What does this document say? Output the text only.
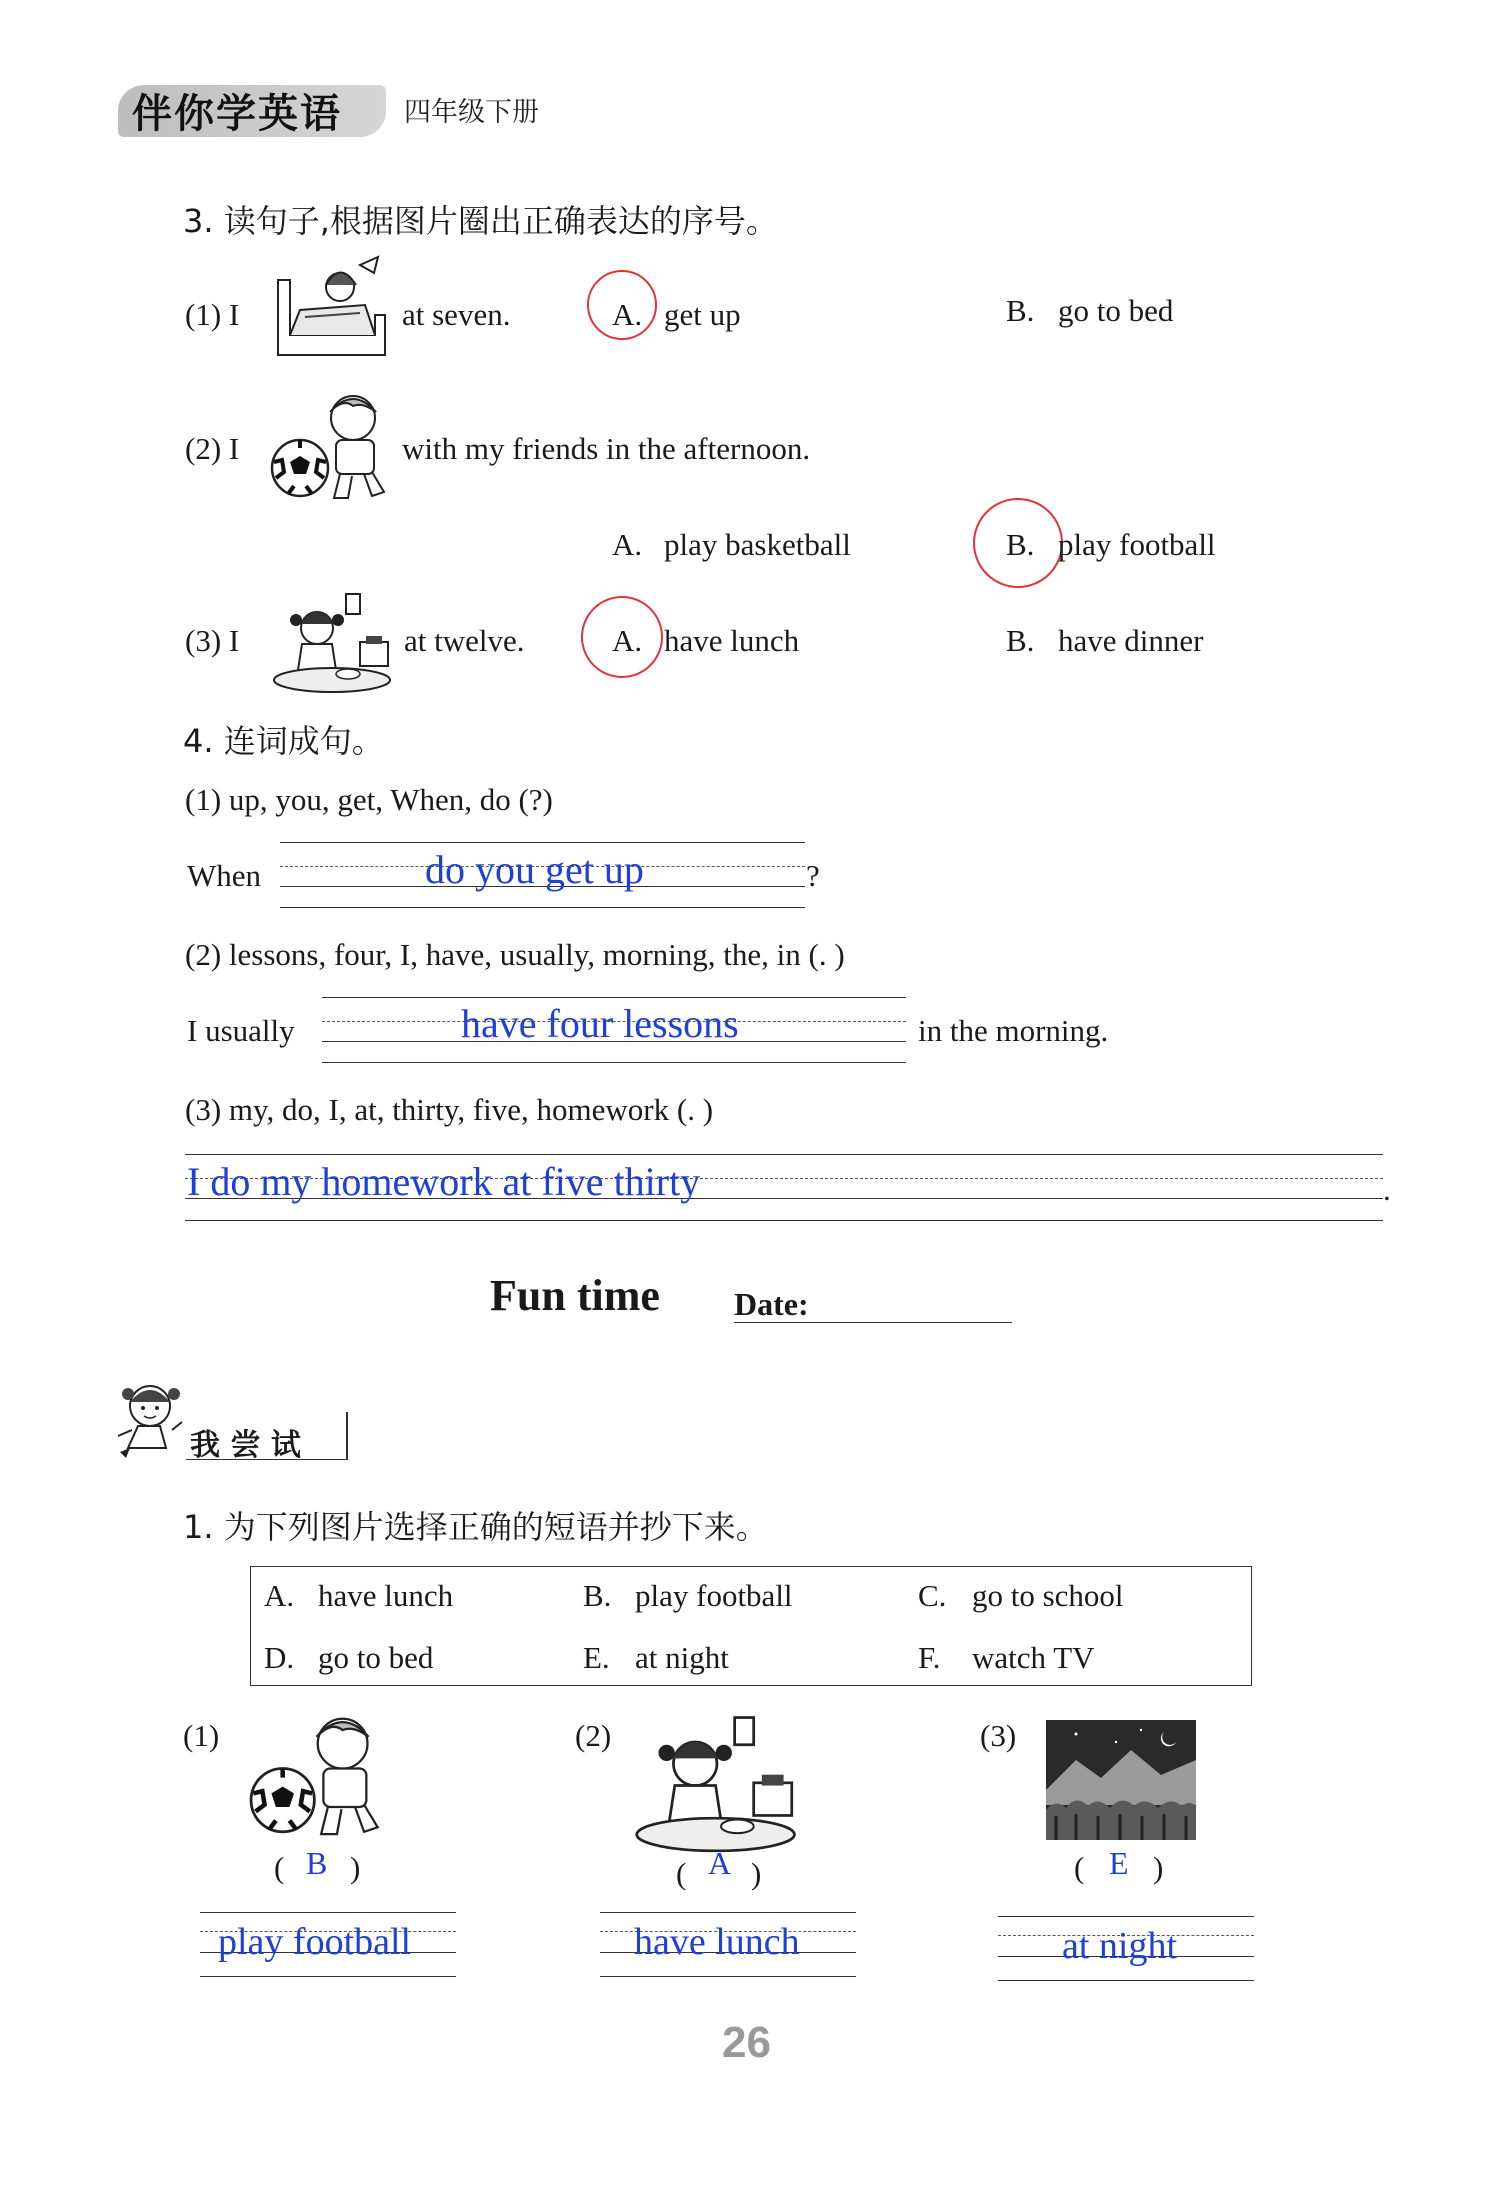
伴你学英语 四年级下册
3. 读句子,根据图片圈出正确表达的序号。
(1) I	at seven.	A. get up	B. go to bed
(2) I	with my friends in the afternoon.
A. play basketball	B. play football
(3) I	at twelve.	A. have lunch	B. have dinner
4. 连词成句。
(1) up, you, get, When, do (?)
When	do you get up	?
(2) lessons, four, I, have, usually, morning, the, in (. )
I usually	have four lessons	in the morning.
(3) my, do, I, at, thirty, five, homework (. )
I do my homework at five thirty	.
Fun time Date:
我 尝 试
1. 为下列图片选择正确的短语并抄下来。
A. have lunch	B. play football	C. go to school
D. go to bed	E. at night	F. watch TV
(1)
( B )
play football
(2)
( A )
have lunch
(3)
( E )
at night
26
